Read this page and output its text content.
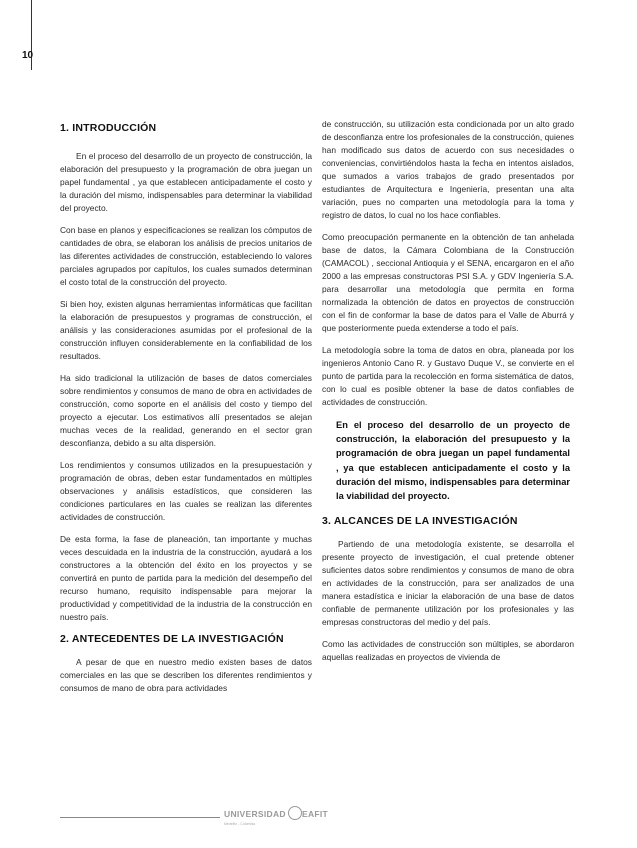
10
1. INTRODUCCIÓN

En el proceso del desarrollo de un proyecto de construcción, la elaboración del presupuesto y la programación de obra juegan un papel fundamental , ya que establecen anticipadamente el costo y la duración del mismo, indispensables para determinar la viabilidad del proyecto.

Con base en planos y especificaciones se realizan los cómputos de cantidades de obra, se elaboran los análisis de precios unitarios de las diferentes actividades de construcción, estableciendo lo valores parciales agrupados por capítulos, los cuales sumados determinan el costo total de la construcción del proyecto.

Si bien hoy, existen algunas herramientas informáticas que facilitan la elaboración de presupuestos y programas de construcción, el análisis y las consideraciones asumidas por el profesional de la construcción influyen considerablemente en la confiabilidad de los resultados.

Ha sido tradicional la utilización de bases de datos comerciales sobre rendimientos y consumos de mano de obra en actividades de construcción, como soporte en el análisis del costo y tiempo del proyecto a ejecutar. Los estimativos allí presentados se alejan muchas veces de la realidad, generando en el sector gran desconfianza, debido a su alta dispersión.

Los rendimientos y consumos utilizados en la presupuestación y programación de obras, deben estar fundamentados en múltiples observaciones y análisis estadísticos, que consideren las condiciones particulares en las cuales se realizan las diferentes actividades de construcción.

De esta forma, la fase de planeación, tan importante y muchas veces descuidada en la industria de la construcción, ayudará a los constructores a la obtención del éxito en los proyectos y se convertirá en punto de partida para la medición del desempeño del recurso humano, requisito indispensable para mejorar la productividad y competitividad de la industria de la construcción en nuestro país.

2. ANTECEDENTES DE LA INVESTIGACIÓN

A pesar de que en nuestro medio existen bases de datos comerciales en las que se describen los diferentes rendimientos y consumos de mano de obra para actividades

de construcción, su utilización esta condicionada por un alto grado de desconfianza entre los profesionales de la construcción, quienes han modificado sus datos de acuerdo con sus necesidades o conveniencias, convirtiéndolos hasta la fecha en intentos aislados, que sumados a varios trabajos de grado presentados por estudiantes de Arquitectura e Ingeniería, presentan una alta variación, pues no comparten una metodología para la toma y registro de datos, lo cual no los hace confiables.

Como preocupación permanente en la obtención de tan anhelada base de datos, la Cámara Colombiana de la Construcción (CAMACOL) , seccional Antioquia y el SENA, encargaron en el año 2000 a las empresas constructoras PSI S.A. y GDV Ingeniería S.A. para desarrollar una metodología que permita en forma normalizada la obtención de datos en proyectos de construcción con el fin de conformar la base de datos para el Valle de Aburrá y que posteriormente pueda extenderse a todo el país.

La metodología sobre la toma de datos en obra, planeada por los ingenieros Antonio Cano R. y Gustavo Duque V., se convierte en el punto de partida para la recolección en forma sistemática de datos, con lo cual es posible obtener la base de datos confiables de actividades de construcción.

En el proceso del desarrollo de un proyecto de construcción, la elaboración del presupuesto y la programación de obra juegan un papel fundamental , ya que establecen anticipadamente el costo y la duración del mismo, indispensables para determinar la viabilidad del proyecto.
3. ALCANCES DE LA INVESTIGACIÓN

Partiendo de una metodología existente, se desarrolla el presente proyecto de investigación, el cual pretende obtener suficientes datos sobre rendimientos y consumos de mano de obra en actividades de la construcción, para ser analizados de una manera estadística e iniciar la elaboración de una base de datos confiable de permanente utilización por los profesionales y las empresas constructoras del medio y del país.

Como las actividades de construcción son múltiples, se abordaron aquellas realizadas en proyectos de vivienda de

UNIVERSIDAD EAFIT
Medellín - Colombia
